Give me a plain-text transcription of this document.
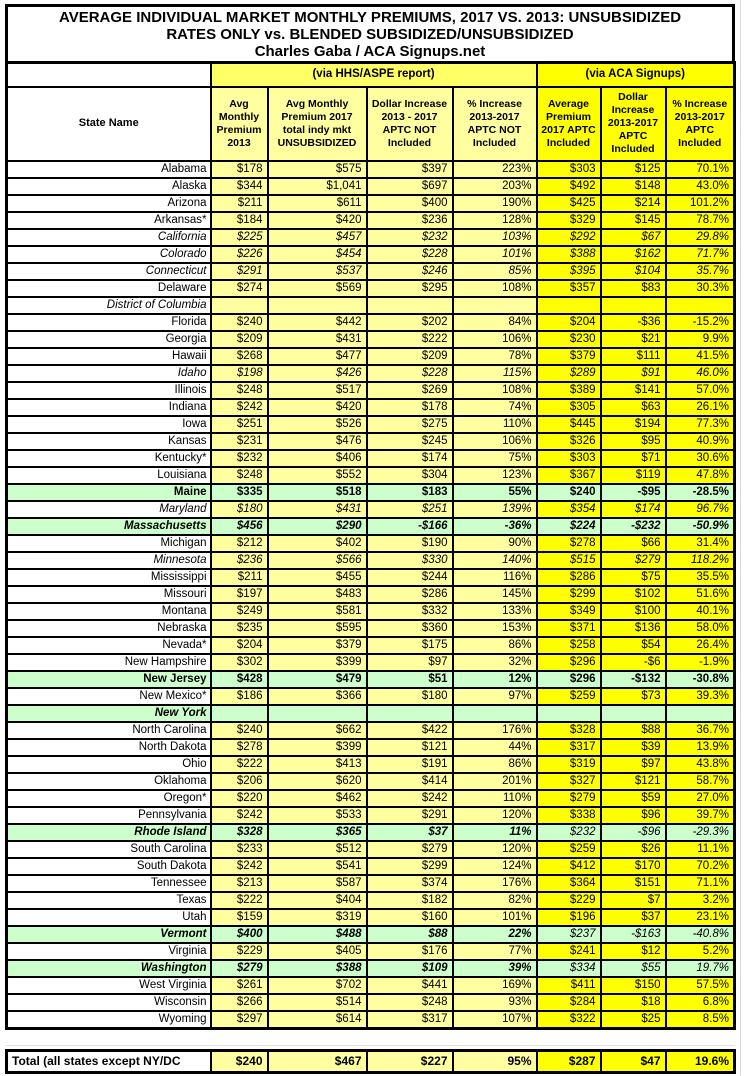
AVERAGE INDIVIDUAL MARKET MONTHLY PREMIUMS, 2017 VS. 2013: UNSUBSIDIZED
RATES ONLY vs. BLENDED SUBSIDIZED/UNSUBSIDIZED
Charles Gaba / ACA Signups.net
	(via HHS/ASPE report)				(via ACA Signups)		
State Name	Avg Monthly Premium 2013	Avg Monthly Premium 2017 total indy mkt UNSUBSIDIZED	Dollar Increase 2013 - 2017 APTC NOT Included	% Increase 2013-2017 APTC NOT Included	Average Premium 2017 APTC Included	Dollar Increase 2013-2017 APTC Included	% Increase 2013-2017 APTC Included
Alabama	$178	$575	$397	223%	$303	$125	70.1%
Alaska	$344	$1,041	$697	203%	$492	$148	43.0%
Arizona	$211	$611	$400	190%	$425	$214	101.2%
Arkansas*	$184	$420	$236	128%	$329	$145	78.7%
California	$225	$457	$232	103%	$292	$67	29.8%
Colorado	$226	$454	$228	101%	$388	$162	71.7%
Connecticut	$291	$537	$246	85%	$395	$104	35.7%
Delaware	$274	$569	$295	108%	$357	$83	30.3%
District of Columbia							
Florida	$240	$442	$202	84%	$204	-$36	-15.2%
Georgia	$209	$431	$222	106%	$230	$21	9.9%
Hawaii	$268	$477	$209	78%	$379	$111	41.5%
Idaho	$198	$426	$228	115%	$289	$91	46.0%
Illinois	$248	$517	$269	108%	$389	$141	57.0%
Indiana	$242	$420	$178	74%	$305	$63	26.1%
Iowa	$251	$526	$275	110%	$445	$194	77.3%
Kansas	$231	$476	$245	106%	$326	$95	40.9%
Kentucky*	$232	$406	$174	75%	$303	$71	30.6%
Louisiana	$248	$552	$304	123%	$367	$119	47.8%
Maine	$335	$518	$183	55%	$240	-$95	-28.5%
Maryland	$180	$431	$251	139%	$354	$174	96.7%
Massachusetts	$456	$290	-$166	-36%	$224	-$232	-50.9%
Michigan	$212	$402	$190	90%	$278	$66	31.4%
Minnesota	$236	$566	$330	140%	$515	$279	118.2%
Mississippi	$211	$455	$244	116%	$286	$75	35.5%
Missouri	$197	$483	$286	145%	$299	$102	51.6%
Montana	$249	$581	$332	133%	$349	$100	40.1%
Nebraska	$235	$595	$360	153%	$371	$136	58.0%
Nevada*	$204	$379	$175	86%	$258	$54	26.4%
New Hampshire	$302	$399	$97	32%	$296	-$6	-1.9%
New Jersey	$428	$479	$51	12%	$296	-$132	-30.8%
New Mexico*	$186	$366	$180	97%	$259	$73	39.3%
New York							
North Carolina	$240	$662	$422	176%	$328	$88	36.7%
North Dakota	$278	$399	$121	44%	$317	$39	13.9%
Ohio	$222	$413	$191	86%	$319	$97	43.8%
Oklahoma	$206	$620	$414	201%	$327	$121	58.7%
Oregon*	$220	$462	$242	110%	$279	$59	27.0%
Pennsylvania	$242	$533	$291	120%	$338	$96	39.7%
Rhode Island	$328	$365	$37	11%	$232	-$96	-29.3%
South Carolina	$233	$512	$279	120%	$259	$26	11.1%
South Dakota	$242	$541	$299	124%	$412	$170	70.2%
Tennessee	$213	$587	$374	176%	$364	$151	71.1%
Texas	$222	$404	$182	82%	$229	$7	3.2%
Utah	$159	$319	$160	101%	$196	$37	23.1%
Vermont	$400	$488	$88	22%	$237	-$163	-40.8%
Virginia	$229	$405	$176	77%	$241	$12	5.2%
Washington	$279	$388	$109	39%	$334	$55	19.7%
West Virginia	$261	$702	$441	169%	$411	$150	57.5%
Wisconsin	$266	$514	$248	93%	$284	$18	6.8%
Wyoming	$297	$614	$317	107%	$322	$25	8.5%
Total (all states except NY/DC	$240	$467	$227	95%	$287	$47	19.6%
